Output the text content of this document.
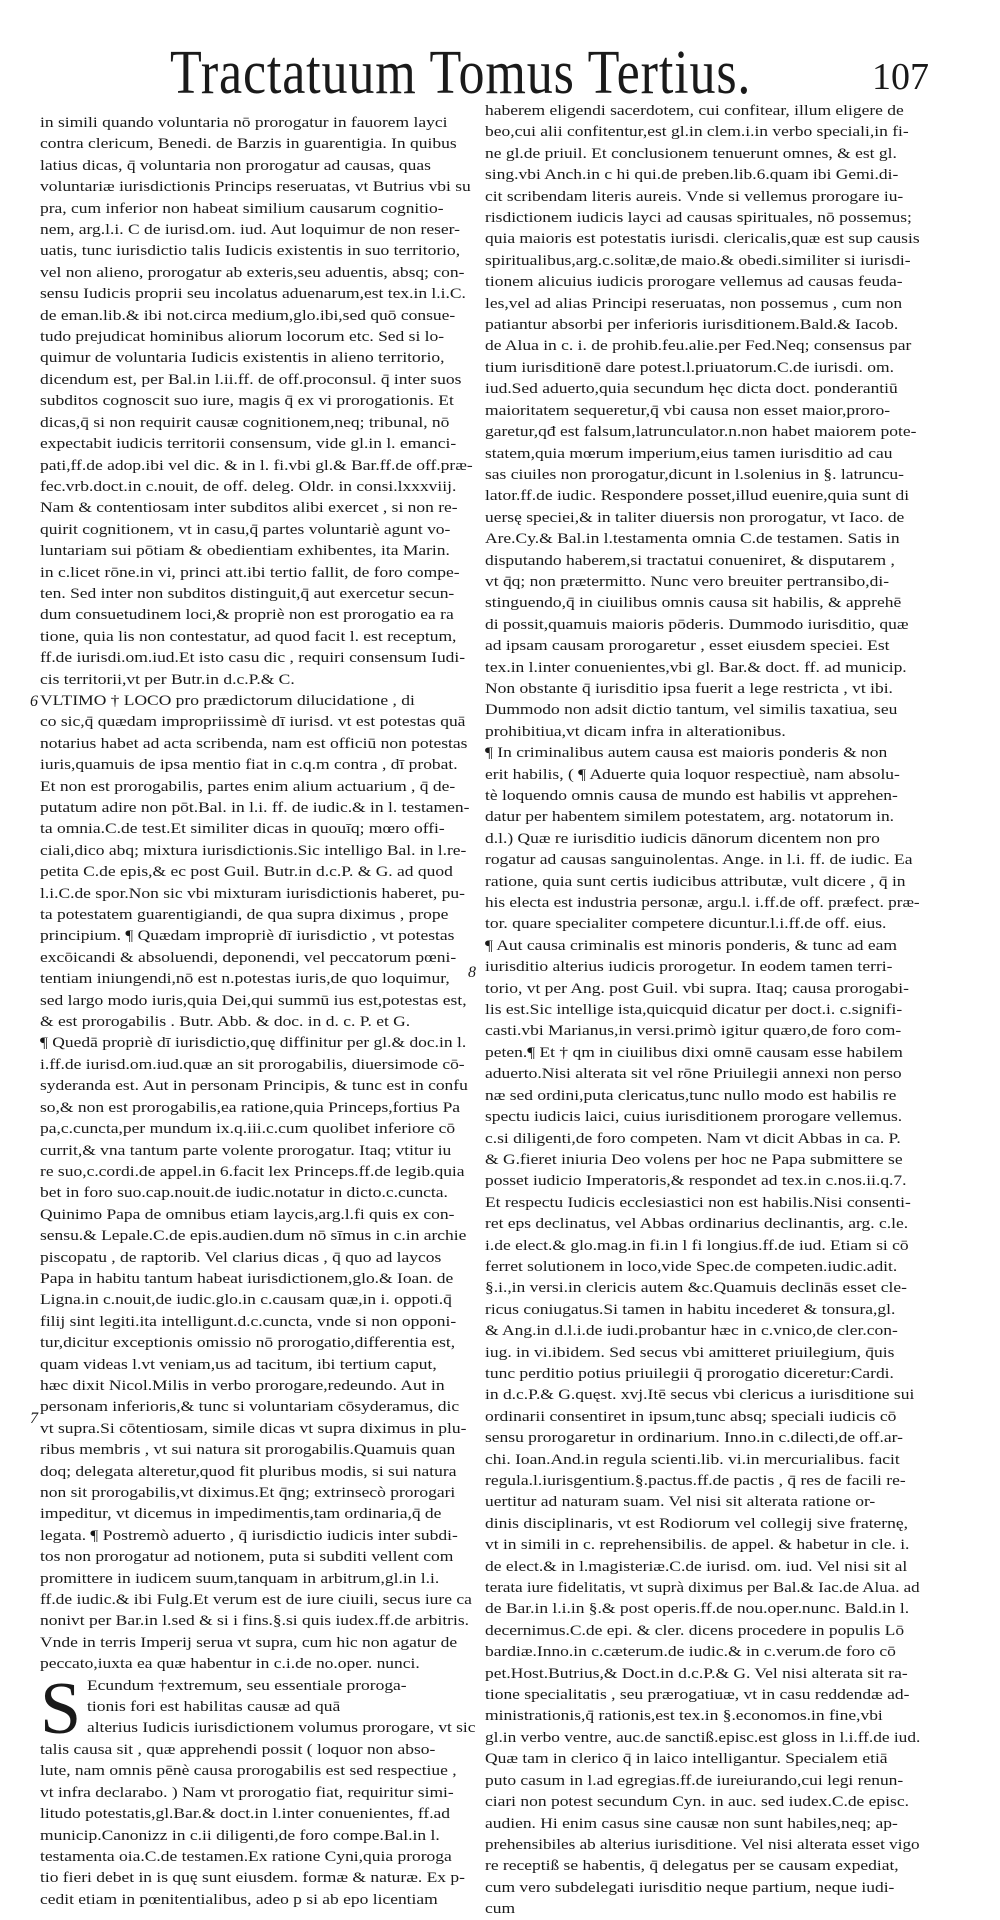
Tractatuum Tomus Tertius.	107
in simili quando voluntaria nō prorogatur in fauorem layci
contra clericum, Benedi. de Barzis in guarentigia. In quibus
latius dicas, q̄ voluntaria non prorogatur ad causas, quas
voluntariæ iurisdictionis Princips reseruatas, vt Butrius vbi su
pra, cum inferior non habeat similium causarum cognitio-
nem, arg.l.i. C de iurisd.om. iud. Aut loquimur de non reser-
uatis, tunc iurisdictio talis Iudicis existentis in suo territorio,
vel non alieno, prorogatur ab exteris,seu aduentis, absq; con-
sensu Iudicis proprii seu incolatus aduenarum,est tex.in l.i.C.
de eman.lib.& ibi not.circa medium,glo.ibi,sed quō consue-
tudo prejudicat hominibus aliorum locorum etc. Sed si lo-
quimur de voluntaria Iudicis existentis in alieno territorio,
dicendum est, per Bal.in l.ii.ff. de off.proconsul. q̄ inter suos
subditos cognoscit suo iure, magis q̄ ex vi prorogationis. Et
dicas,q̄ si non requirit causæ cognitionem,neq; tribunal, nō
expectabit iudicis territorii consensum, vide gl.in l. emanci-
pati,ff.de adop.ibi vel dic. & in l. fi.vbi gl.& Bar.ff.de off.præ-
fec.vrb.doct.in c.nouit, de off. deleg. Oldr. in consi.lxxxviij.
Nam & contentiosam inter subditos alibi exercet , si non re-
quirit cognitionem, vt in casu,q̄ partes voluntariè agunt vo-
luntariam sui pōtiam & obedientiam exhibentes, ita Marin.
in c.licet rōne.in vi, princi att.ibi tertio fallit, de foro compe-
ten. Sed inter non subditos distinguit,q̄ aut exercetur secun-
dum consuetudinem loci,& propriè non est prorogatio ea ra
tione, quia lis non contestatur, ad quod facit l. est receptum,
ff.de iurisdi.om.iud.Et isto casu dic , requiri consensum Iudi-
cis territorii,vt per Butr.in d.c.P.& C.
VLTIMO † LOCO pro prædictorum dilucidatione , di
co sic,q̄ quædam impropriissimè dī iurisd. vt est potestas quā
notarius habet ad acta scribenda, nam est officiū non potestas
iuris,quamuis de ipsa mentio fiat in c.q.m contra , dī probat.
Et non est prorogabilis, partes enim alium actuarium , q̄ de-
putatum adire non pōt.Bal. in l.i. ff. de iudic.& in l. testamen-
ta omnia.C.de test.Et similiter dicas in quouīq; mœro offi-
ciali,dico abq; mixtura iurisdictionis.Sic intelligo Bal. in l.re-
petita C.de epis,& ec post Guil. Butr.in d.c.P. & G. ad quod
l.i.C.de spor.Non sic vbi mixturam iurisdictionis haberet, pu-
ta potestatem guarentigiandi, de qua supra diximus , prope
principium. ¶ Quædam impropriè dī iurisdictio , vt potestas
excōicandi & absoluendi, deponendi, vel peccatorum pœni-
tentiam iniungendi,nō est n.potestas iuris,de quo loquimur,
sed largo modo iuris,quia Dei,qui summū ius est,potestas est,
& est prorogabilis . Butr. Abb. & doc. in d. c. P. et G.
¶ Quedā propriè dī iurisdictio,quę diffinitur per gl.& doc.in l.
i.ff.de iurisd.om.iud.quæ an sit prorogabilis, diuersimode cō-
syderanda est. Aut in personam Principis, & tunc est in confu
so,& non est prorogabilis,ea ratione,quia Princeps,fortius Pa
pa,c.cuncta,per mundum ix.q.iii.c.cum quolibet inferiore cō
currit,& vna tantum parte volente prorogatur. Itaq; vtitur iu
re suo,c.cordi.de appel.in 6.facit lex Princeps.ff.de legib.quia
bet in foro suo.cap.nouit.de iudic.notatur in dicto.c.cuncta.
Quinimo Papa de omnibus etiam laycis,arg.l.fi quis ex con-
sensu.& Lepale.C.de epis.audien.dum nō sīmus in c.in archie
piscopatu , de raptorib. Vel clarius dicas , q̄ quo ad laycos
Papa in habitu tantum habeat iurisdictionem,glo.& Ioan. de
Ligna.in c.nouit,de iudic.glo.in c.causam quæ,in i. oppoti.q̄
filij sint legiti.ita intelligunt.d.c.cuncta, vnde si non opponi-
tur,dicitur exceptionis omissio nō prorogatio,differentia est,
quam videas l.vt veniam,us ad tacitum, ibi tertium caput,
hæc dixit Nicol.Milis in verbo prorogare,redeundo. Aut in
personam inferioris,& tunc si voluntariam cōsyderamus, dic
vt supra.Si cōtentiosam, simile dicas vt supra diximus in plu-
ribus membris , vt sui natura sit prorogabilis.Quamuis quan
doq; delegata alteretur,quod fit pluribus modis, si sui natura
non sit prorogabilis,vt diximus.Et q̄ng; extrinsecò prorogari
impeditur, vt dicemus in impedimentis,tam ordinaria,q̄ de
legata. ¶ Postremò aduerto , q̄ iurisdictio iudicis inter subdi-
tos non prorogatur ad notionem, puta si subditi vellent com
promittere in iudicem suum,tanquam in arbitrum,gl.in l.i.
ff.de iudic.& ibi Fulg.Et verum est de iure ciuili, secus iure ca
nonivt per Bar.in l.sed & si i fins.§.si quis iudex.ff.de arbitris.
Vnde in terris Imperij serua vt supra, cum hic non agatur de
peccato,iuxta ea quæ habentur in c.i.de no.oper. nunci.
S Ecundum †extremum, seu essentiale proroga-
tionis fori est habilitas causæ ad quā
alterius Iudicis iurisdictionem volumus prorogare, vt sic
talis causa sit , quæ apprehendi possit ( loquor non abso-
lute, nam omnis pēnè causa prorogabilis est sed respectiue ,
vt infra declarabo. ) Nam vt prorogatio fiat, requiritur simi-
litudo potestatis,gl.Bar.& doct.in l.inter conuenientes, ff.ad
municip.Canonizz in c.ii diligenti,de foro compe.Bal.in l.
testamenta oia.C.de testamen.Ex ratione Cyni,quia proroga
tio fieri debet in is quę sunt eiusdem. formæ & naturæ. Ex p-
cedit etiam in pœnitentialibus, adeo p si ab epo licentiam
haberem eligendi sacerdotem, cui confitear, illum eligere de
beo,cui alii confitentur,est gl.in clem.i.in verbo speciali,in fi-
ne gl.de priuil. Et conclusionem tenuerunt omnes, & est gl.
sing.vbi Anch.in c hi qui.de preben.lib.6.quam ibi Gemi.di-
cit scribendam literis aureis. Vnde si vellemus prorogare iu-
risdictionem iudicis layci ad causas spirituales, nō possemus;
quia maioris est potestatis iurisdi. clericalis,quæ est sup causis
spiritualibus,arg.c.solitæ,de maio.& obedi.similiter si iurisdi-
tionem alicuius iudicis prorogare vellemus ad causas feuda-
les,vel ad alias Principi reseruatas, non possemus , cum non
patiantur absorbi per inferioris iurisditionem.Bald.& Iacob.
de Alua in c. i. de prohib.feu.alie.per Fed.Neq; consensus par
tium iurisditionē dare potest.l.priuatorum.C.de iurisdi. om.
iud.Sed aduerto,quia secundum hęc dicta doct. ponderantiū
maioritatem sequeretur,q̄ vbi causa non esset maior,proro-
garetur,qđ est falsum,latrunculator.n.non habet maiorem pote-
statem,quia mœrum imperium,eius tamen iurisditio ad cau
sas ciuiles non prorogatur,dicunt in l.solenius in §. latruncu-
lator.ff.de iudic. Respondere posset,illud euenire,quia sunt di
uersę speciei,& in taliter diuersis non prorogatur, vt Iaco. de
Are.Cy.& Bal.in l.testamenta omnia C.de testamen. Satis in
disputando haberem,si tractatui conueniret, & disputarem ,
vt q̄q; non prætermitto. Nunc vero breuiter pertransibo,di-
stinguendo,q̄ in ciuilibus omnis causa sit habilis, & apprehē
di possit,quamuis maioris pōderis. Dummodo iurisditio, quæ
ad ipsam causam prorogaretur , esset eiusdem speciei. Est
tex.in l.inter conuenientes,vbi gl. Bar.& doct. ff. ad municip.
Non obstante q̄ iurisditio ipsa fuerit a lege restricta , vt ibi.
Dummodo non adsit dictio tantum, vel similis taxatiua, seu
prohibitiua,vt dicam infra in alterationibus.
¶ In criminalibus autem causa est maioris ponderis & non
erit habilis, ( ¶ Aduerte quia loquor respectiuè, nam absolu-
tè loquendo omnis causa de mundo est habilis vt apprehen-
datur per habentem similem potestatem, arg. notatorum in.
d.l.) Quæ re iurisditio iudicis dānorum dicentem non pro
rogatur ad causas sanguinolentas. Ange. in l.i. ff. de iudic. Ea
ratione, quia sunt certis iudicibus attributæ, vult dicere , q̄ in
his electa est industria personæ, argu.l. i.ff.de off. præfect. præ-
tor. quare specialiter competere dicuntur.l.i.ff.de off. eius.
¶ Aut causa criminalis est minoris ponderis, & tunc ad eam
iurisditio alterius iudicis prorogetur. In eodem tamen terri-
torio, vt per Ang. post Guil. vbi supra. Itaq; causa prorogabi-
lis est.Sic intellige ista,quicquid dicatur per doct.i. c.signifi-
casti.vbi Marianus,in versi.primò igitur quæro,de foro com-
peten.¶ Et † qm in ciuilibus dixi omnē causam esse habilem
aduerto.Nisi alterata sit vel rōne Priuilegii annexi non perso
næ sed ordini,puta clericatus,tunc nullo modo est habilis re
spectu iudicis laici, cuius iurisditionem prorogare vellemus.
c.si diligenti,de foro competen. Nam vt dicit Abbas in ca. P.
& G.fieret iniuria Deo volens per hoc ne Papa submittere se
posset iudicio Imperatoris,& respondet ad tex.in c.nos.ii.q.7.
Et respectu Iudicis ecclesiastici non est habilis.Nisi consenti-
ret eps declinatus, vel Abbas ordinarius declinantis, arg. c.le.
i.de elect.& glo.mag.in fi.in l fi longius.ff.de iud. Etiam si cō
ferret solutionem in loco,vide Spec.de competen.iudic.adit.
§.i.,in versi.in clericis autem &c.Quamuis declinās esset cle-
ricus coniugatus.Si tamen in habitu incederet & tonsura,gl.
& Ang.in d.l.i.de iudi.probantur hæc in c.vnico,de cler.con-
iug. in vi.ibidem. Sed secus vbi amitteret priuilegium, q̄uis
tunc perditio potius priuilegii q̄ prorogatio diceretur:Cardi.
in d.c.P.& G.quęst. xvj.Itē secus vbi clericus a iurisditione sui
ordinarii consentiret in ipsum,tunc absq; speciali iudicis cō
sensu prorogaretur in ordinarium. Inno.in c.dilecti,de off.ar-
chi. Ioan.And.in regula scienti.lib. vi.in mercurialibus. facit
regula.l.iurisgentium.§.pactus.ff.de pactis , q̄ res de facili re-
uertitur ad naturam suam. Vel nisi sit alterata ratione or-
dinis disciplinaris, vt est Rodiorum vel collegij sive fraternę,
vt in simili in c. reprehensibilis. de appel. & habetur in cle. i.
de elect.& in l.magisteriæ.C.de iurisd. om. iud. Vel nisi sit al
terata iure fidelitatis, vt suprà diximus per Bal.& Iac.de Alua. ad
de Bar.in l.i.in §.& post operis.ff.de nou.oper.nunc. Bald.in l.
decernimus.C.de epi. & cler. dicens procedere in populis Lō
bardiæ.Inno.in c.cæterum.de iudic.& in c.verum.de foro cō
pet.Host.Butrius,& Doct.in d.c.P.& G. Vel nisi alterata sit ra-
tione specialitatis , seu prærogatiuæ, vt in casu reddendæ ad-
ministrationis,q̄ rationis,est tex.in §.economos.in fine,vbi
gl.in verbo ventre, auc.de sanctiß.episc.est gloss in l.i.ff.de iud.
Quæ tam in clerico q̄ in laico intelligantur. Specialem etiā
puto casum in l.ad egregias.ff.de iureiurando,cui legi renun-
ciari non potest secundum Cyn. in auc. sed iudex.C.de episc.
audien. Hi enim casus sine causæ non sunt habiles,neq; ap-
prehensibiles ab alterius iurisditione. Vel nisi alterata esset vigo
re receptiß se habentis, q̄ delegatus per se causam expediat,
cum vero subdelegati iurisditio neque partium, neque iudi-
cum
6
7
8
